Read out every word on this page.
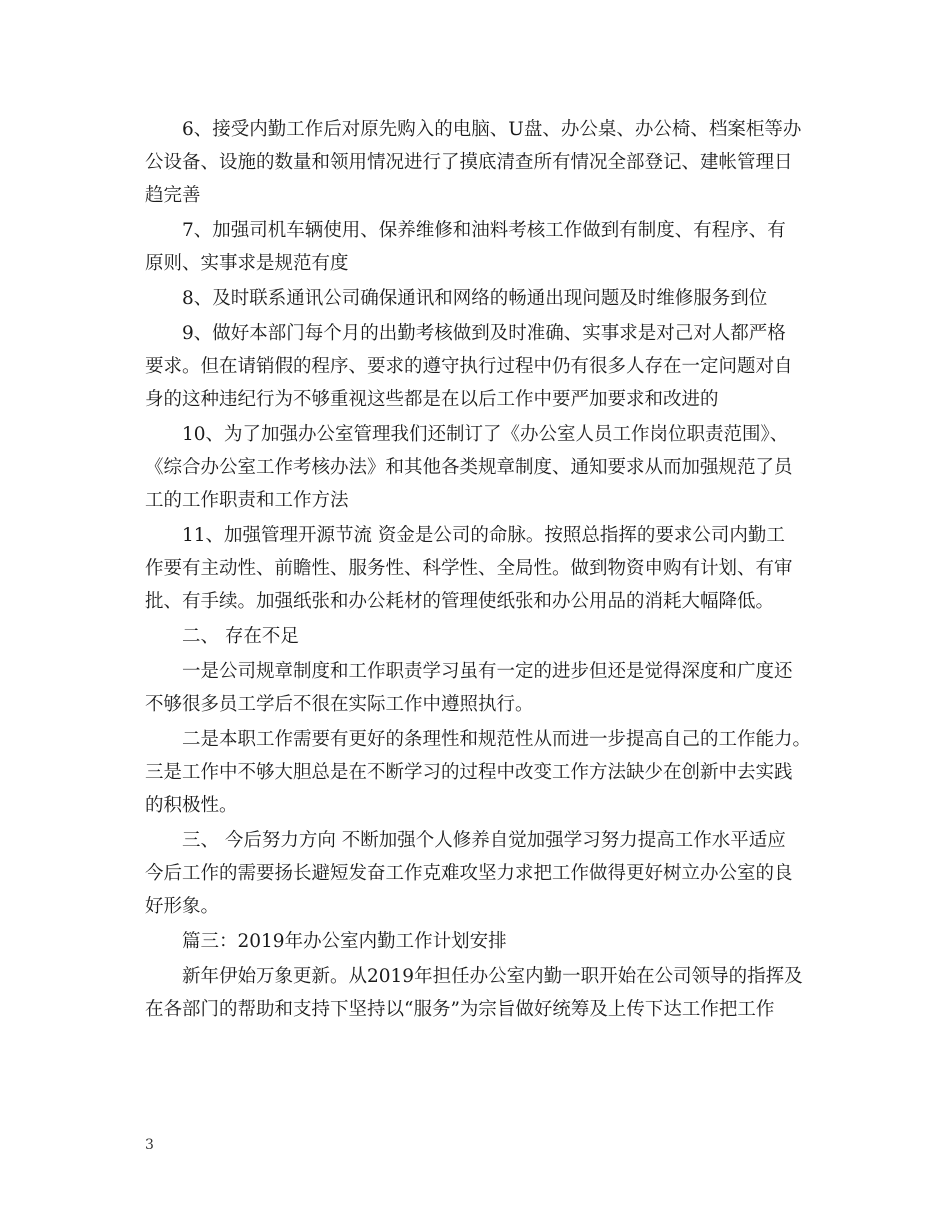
6、接受内勤工作后对原先购入的电脑、U盘、办公桌、办公椅、档案柜等办
公设备、设施的数量和领用情况进行了摸底清查所有情况全部登记、建帐管理日
趋完善

7、加强司机车辆使用、保养维修和油料考核工作做到有制度、有程序、有
原则、实事求是规范有度

8、及时联系通讯公司确保通讯和网络的畅通出现问题及时维修服务到位

9、做好本部门每个月的出勤考核做到及时准确、实事求是对己对人都严格
要求。但在请销假的程序、要求的遵守执行过程中仍有很多人存在一定问题对自
身的这种违纪行为不够重视这些都是在以后工作中要严加要求和改进的

10、为了加强办公室管理我们还制订了《办公室人员工作岗位职责范围》、
《综合办公室工作考核办法》和其他各类规章制度、通知要求从而加强规范了员
工的工作职责和工作方法

11、加强管理开源节流 资金是公司的命脉。按照总指挥的要求公司内勤工
作要有主动性、前瞻性、服务性、科学性、全局性。做到物资申购有计划、有审
批、有手续。加强纸张和办公耗材的管理使纸张和办公用品的消耗大幅降低。

二、 存在不足

一是公司规章制度和工作职责学习虽有一定的进步但还是觉得深度和广度还
不够很多员工学后不很在实际工作中遵照执行。

二是本职工作需要有更好的条理性和规范性从而进一步提高自己的工作能力。
三是工作中不够大胆总是在不断学习的过程中改变工作方法缺少在创新中去实践
的积极性。

三、 今后努力方向 不断加强个人修养自觉加强学习努力提高工作水平适应
今后工作的需要扬长避短发奋工作克难攻坚力求把工作做得更好树立办公室的良
好形象。

篇三：2019年办公室内勤工作计划安排

新年伊始万象更新。从2019年担任办公室内勤一职开始在公司领导的指挥及
在各部门的帮助和支持下坚持以“服务”为宗旨做好统筹及上传下达工作把工作

3
